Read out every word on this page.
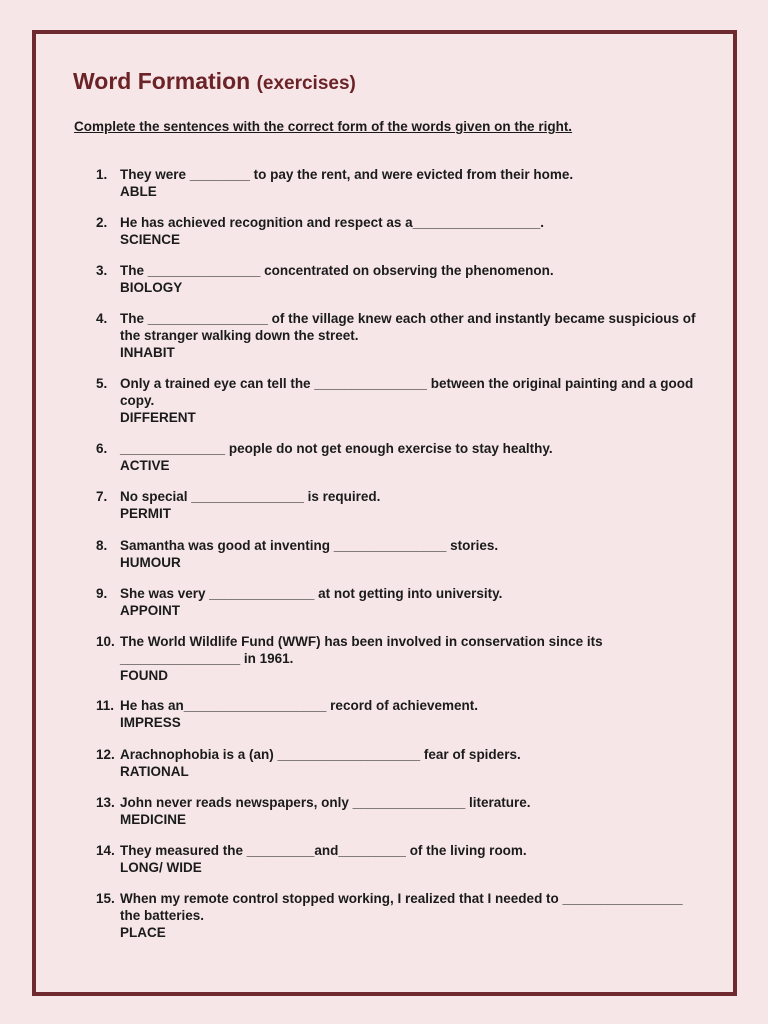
Word Formation (exercises)
Complete the sentences with the correct form of the words given on the right.
1. They were ________ to pay the rent, and were evicted from their home.
ABLE
2. He has achieved recognition and respect as a_________________.
SCIENCE
3. The _______________ concentrated on observing the phenomenon.
BIOLOGY
4. The ________________ of the village knew each other and instantly became suspicious of the stranger walking down the street.
INHABIT
5. Only a trained eye can tell the _______________ between the original painting and a good copy.
DIFFERENT
6. ______________ people do not get enough exercise to stay healthy.
ACTIVE
7. No special _______________ is required.
PERMIT
8. Samantha was good at inventing _______________ stories.
HUMOUR
9. She was very ______________ at not getting into university.
APPOINT
10. The World Wildlife Fund (WWF) has been involved in conservation since its ________________ in 1961.
FOUND
11. He has an___________________ record of achievement.
IMPRESS
12. Arachnophobia is a (an) ___________________ fear of spiders.
RATIONAL
13. John never reads newspapers, only _______________ literature.
MEDICINE
14. They measured the _________and_________ of the living room.
LONG/ WIDE
15. When my remote control stopped working, I realized that I needed to ________________ the batteries.
PLACE
